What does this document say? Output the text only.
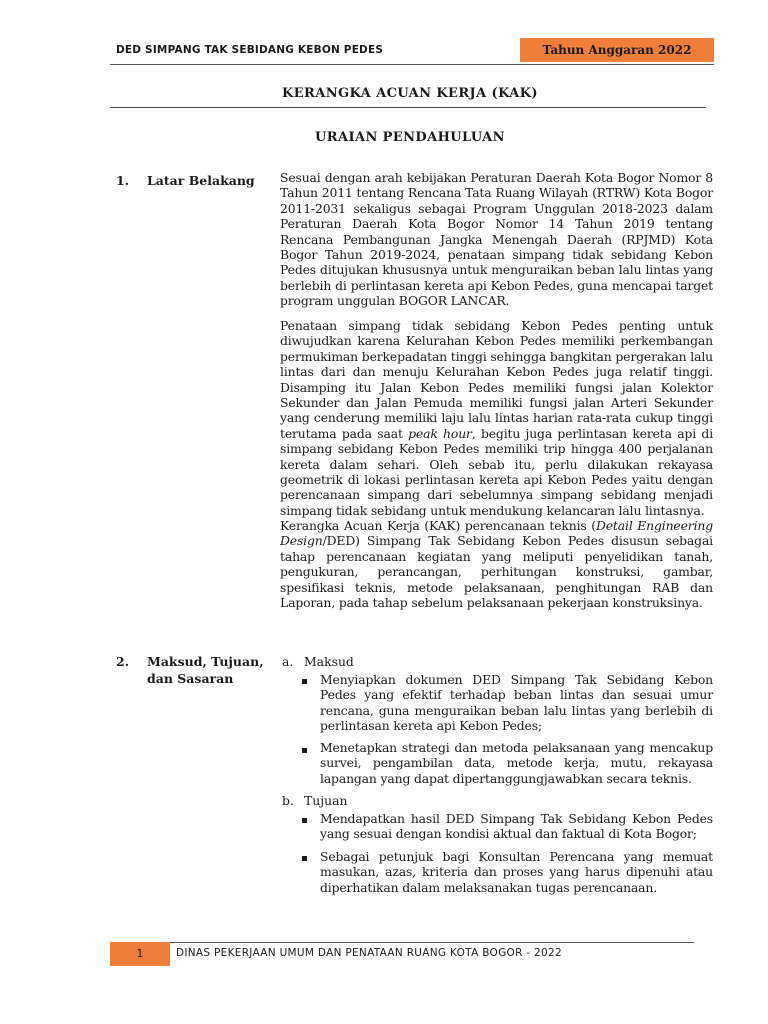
DED SIMPANG TAK SEBIDANG KEBON PEDES	Tahun Anggaran 2022
KERANGKA ACUAN KERJA (KAK)
URAIAN PENDAHULUAN
1. Latar Belakang Sesuai dengan arah kebijakan Peraturan Daerah Kota Bogor Nomor 8 Tahun 2011 tentang Rencana Tata Ruang Wilayah (RTRW) Kota Bogor 2011-2031 sekaligus sebagai Program Unggulan 2018-2023 dalam Peraturan Daerah Kota Bogor Nomor 14 Tahun 2019 tentang Rencana Pembangunan Jangka Menengah Daerah (RPJMD) Kota Bogor Tahun 2019-2024, penataan simpang tidak sebidang Kebon Pedes ditujukan khususnya untuk menguraikan beban lalu lintas yang berlebih di perlintasan kereta api Kebon Pedes, guna mencapai target program unggulan BOGOR LANCAR.

Penataan simpang tidak sebidang Kebon Pedes penting untuk diwujudkan karena Kelurahan Kebon Pedes memiliki perkembangan permukiman berkepadatan tinggi sehingga bangkitan pergerakan lalu lintas dari dan menuju Kelurahan Kebon Pedes juga relatif tinggi. Disamping itu Jalan Kebon Pedes memiliki fungsi jalan Kolektor Sekunder dan Jalan Pemuda memiliki fungsi jalan Arteri Sekunder yang cenderung memiliki laju lalu lintas harian rata-rata cukup tinggi terutama pada saat peak hour, begitu juga perlintasan kereta api di simpang sebidang Kebon Pedes memiliki trip hingga 400 perjalanan kereta dalam sehari. Oleh sebab itu, perlu dilakukan rekayasa geometrik di lokasi perlintasan kereta api Kebon Pedes yaitu dengan perencanaan simpang dari sebelumnya simpang sebidang menjadi simpang tidak sebidang untuk mendukung kelancaran lalu lintasnya.

Kerangka Acuan Kerja (KAK) perencanaan teknis (Detail Engineering Design/DED) Simpang Tak Sebidang Kebon Pedes disusun sebagai tahap perencanaan kegiatan yang meliputi penyelidikan tanah, pengukuran, perancangan, perhitungan konstruksi, gambar, spesifikasi teknis, metode pelaksanaan, penghitungan RAB dan Laporan, pada tahap sebelum pelaksanaan pekerjaan konstruksinya.

2. Maksud, Tujuan,
dan Sasaran
a. Maksud

Menyiapkan dokumen DED Simpang Tak Sebidang Kebon Pedes yang efektif terhadap beban lintas dan sesuai umur rencana, guna menguraikan beban lalu lintas yang berlebih di perlintasan kereta api Kebon Pedes;

Menetapkan strategi dan metoda pelaksanaan yang mencakup survei, pengambilan data, metode kerja, mutu, rekayasa lapangan yang dapat dipertanggungjawabkan secara teknis.

b. Tujuan

Mendapatkan hasil DED Simpang Tak Sebidang Kebon Pedes yang sesuai dengan kondisi aktual dan faktual di Kota Bogor;

Sebagai petunjuk bagi Konsultan Perencana yang memuat masukan, azas, kriteria dan proses yang harus dipenuhi atau diperhatikan dalam melaksanakan tugas perencanaan.

1	DINAS PEKERJAAN UMUM DAN PENATAAN RUANG KOTA BOGOR - 2022
